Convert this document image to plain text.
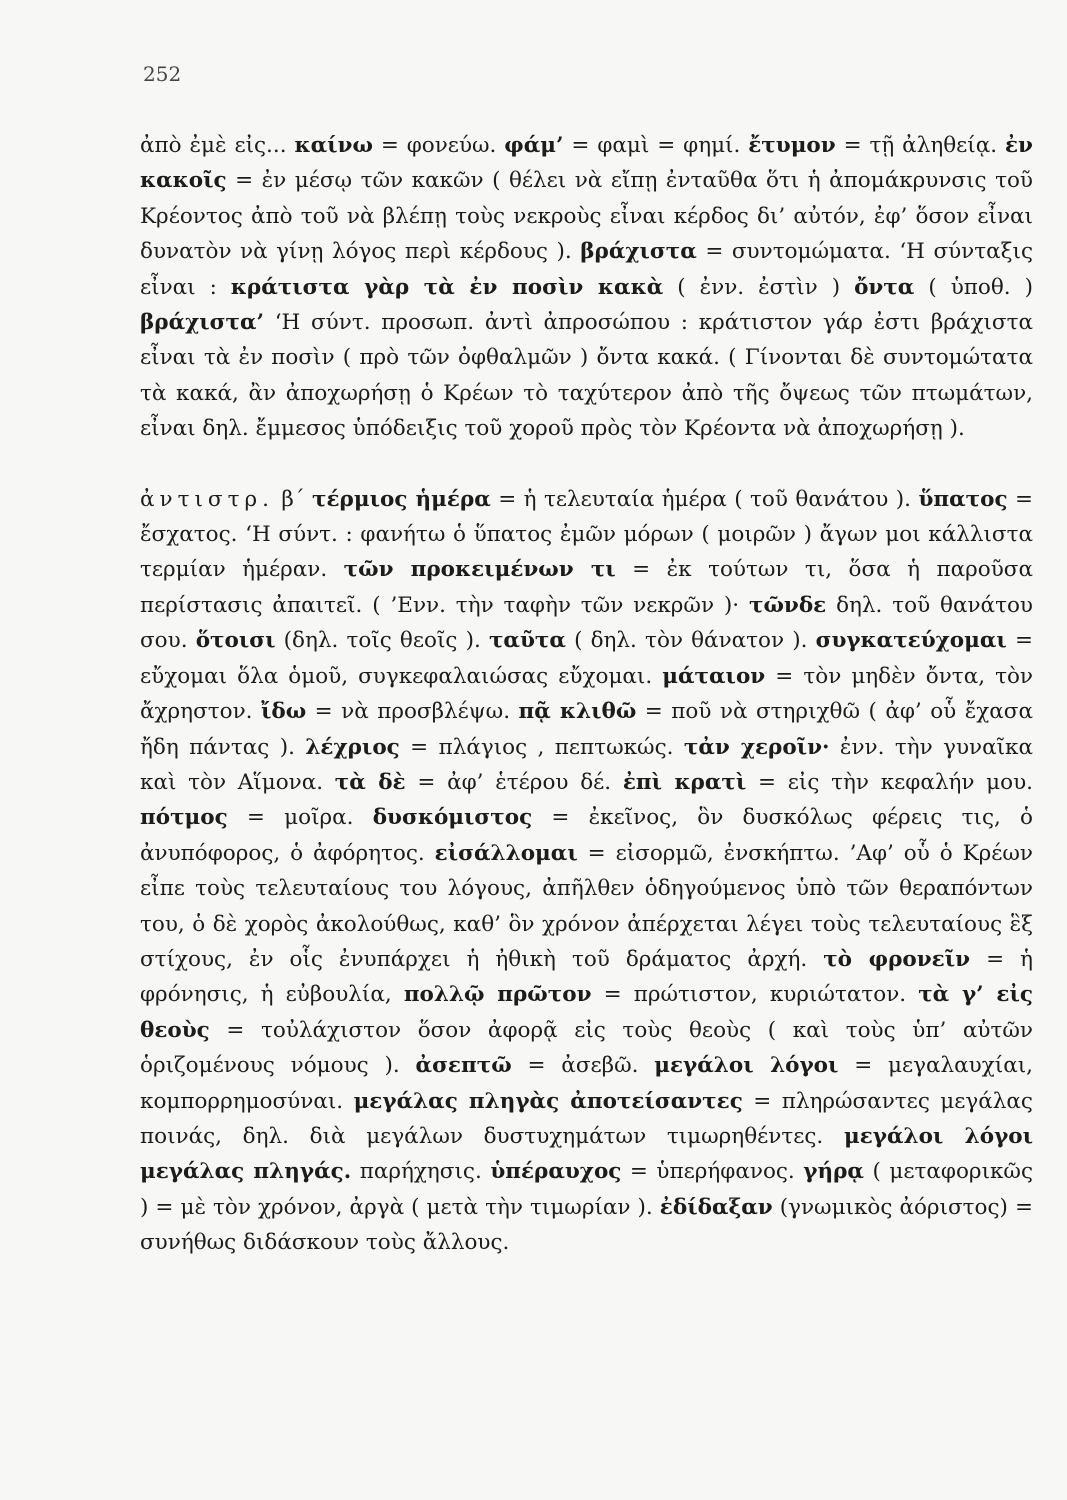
252

ἀπὸ ἐμὲ εἰς... καίνω = φονεύω. φάμ’ = φαμὶ = φημί. ἔτυμον = τῇ ἀληθείᾳ. ἐν κακοῖς = ἐν μέσῳ τῶν κακῶν ( θέλει νὰ εἴπῃ ἐνταῦθα ὅτι ἡ ἀπομάκρυνσις τοῦ Κρέοντος ἀπὸ τοῦ νὰ βλέπῃ τοὺς νεκροὺς εἶναι κέρδος δι’ αὐτόν, ἐφ’ ὅσον εἶναι δυνατὸν νὰ γίνῃ λόγος περὶ κέρδους ). βράχιστα = συντομώματα. ‘Η σύνταξις εἶναι : κράτιστα γὰρ τὰ ἐν ποσὶν κακὰ ( ἐνν. ἐστὶν ) ὄντα ( ὑποθ. ) βράχιστα’ ‘Η σύντ. προσωπ. ἀντὶ ἀπροσώπου : κράτιστον γάρ ἐστι βράχιστα εἶναι τὰ ἐν ποσὶν ( πρὸ τῶν ὀφθαλμῶν ) ὄντα κακά. ( Γίνονται δὲ συντομώτατα τὰ κακά, ἂν ἀποχωρήσῃ ὁ Κρέων τὸ ταχύτερον ἀπὸ τῆς ὄψεως τῶν πτωμάτων, εἶναι δηλ. ἔμμεσος ὑπόδειξις τοῦ χοροῦ πρὸς τὸν Κρέοντα νὰ ἀποχωρήσῃ ).

ἀντιστρ. β΄ τέρμιος ἡμέρα = ἡ τελευταία ἡμέρα ( τοῦ θανάτου ). ὕπατος = ἔσχατος. ‘Η σύντ. : φανήτω ὁ ὕπατος ἐμῶν μόρων ( μοιρῶν ) ἄγων μοι κάλλιστα τερμίαν ἡμέραν. τῶν προκειμένων τι = ἐκ τούτων τι, ὅσα ἡ παροῦσα περίστασις ἀπαιτεῖ. ( ’Ενν. τὴν ταφὴν τῶν νεκρῶν )· τῶνδε δηλ. τοῦ θανάτου σου. ὅτοισι (δηλ. τοῖς θεοῖς ). ταῦτα ( δηλ. τὸν θάνατον ). συγκατεύχομαι = εὔχομαι ὅλα ὁμοῦ, συγκεφαλαιώσας εὔχομαι. μάταιον = τὸν μηδὲν ὄντα, τὸν ἄχρηστον. ἴδω = νὰ προσβλέψω. πᾷ κλιθῶ = ποῦ νὰ στηριχθῶ ( ἀφ’ οὗ ἔχασα ἤδη πάντας ). λέχριος = πλάγιος , πεπτωκώς. τἀν χεροῖν· ἐνν. τὴν γυναῖκα καὶ τὸν Αἵμονα. τὰ δὲ = ἀφ’ ἑτέρου δέ. ἐπὶ κρατὶ = εἰς τὴν κεφαλήν μου. πότμος = μοῖρα. δυσκόμιστος = ἐκεῖνος, ὃν δυσκόλως φέρεις τις, ὁ ἀνυπόφορος, ὁ ἀφόρητος. εἰσάλλομαι = εἰσορμῶ, ἐνσκήπτω. ’Αφ’ οὗ ὁ Κρέων εἶπε τοὺς τελευταίους του λόγους, ἀπῆλθεν ὁδηγούμενος ὑπὸ τῶν θεραπόντων του, ὁ δὲ χορὸς ἀκολούθως, καθ’ ὃν χρόνον ἀπέρχεται λέγει τοὺς τελευταίους ἓξ στίχους, ἐν οἷς ἐνυπάρχει ἡ ἠθικὴ τοῦ δράματος ἀρχή. τὸ φρονεῖν = ἡ φρόνησις, ἡ εὐβουλία, πολλῷ πρῶτον = πρώτιστον, κυριώτατον. τὰ γ’ εἰς θεοὺς = τοὐλάχιστον ὅσον ἀφορᾷ εἰς τοὺς θεοὺς ( καὶ τοὺς ὑπ’ αὐτῶν ὁριζομένους νόμους ). ἀσεπτῶ = ἀσεβῶ. μεγάλοι λόγοι = μεγαλαυχίαι, κομπορρημοσύναι. μεγάλας πληγὰς ἀποτείσαντες = πληρώσαντες μεγάλας ποινάς, δηλ. διὰ μεγάλων δυστυχημάτων τιμωρηθέντες. μεγάλοι λόγοι μεγάλας πληγάς. παρήχησις. ὑπέραυχος = ὑπερήφανος. γήρᾳ ( μεταφορικῶς ) = μὲ τὸν χρόνον, ἀργὰ ( μετὰ τὴν τιμωρίαν ). ἐδίδαξαν (γνωμικὸς ἀόριστος) = συνήθως διδάσκουν τοὺς ἄλλους.
